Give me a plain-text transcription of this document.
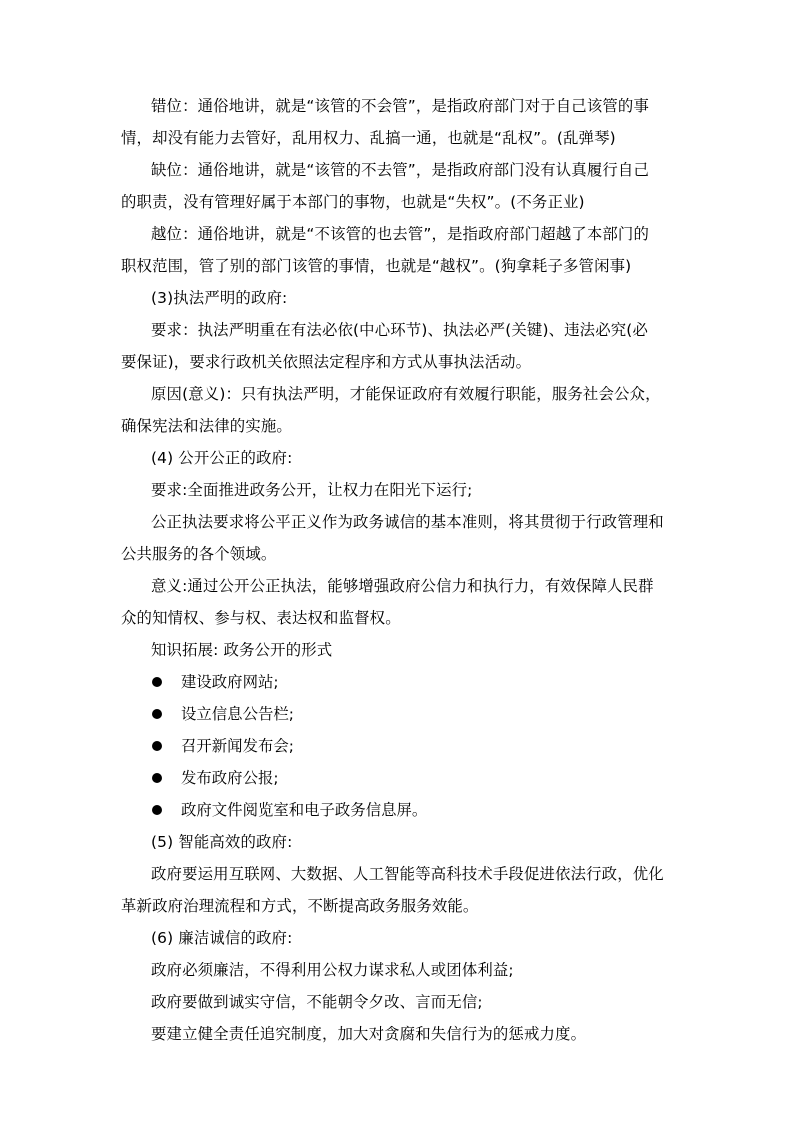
错位：通俗地讲，就是“该管的不会管”，是指政府部门对于自己该管的事
情，却没有能力去管好，乱用权力、乱搞一通，也就是“乱权”。(乱弹琴)
缺位：通俗地讲，就是“该管的不去管”，是指政府部门没有认真履行自己
的职责，没有管理好属于本部门的事物，也就是“失权”。(不务正业)
越位：通俗地讲，就是“不该管的也去管”，是指政府部门超越了本部门的
职权范围，管了别的部门该管的事情，也就是“越权”。(狗拿耗子多管闲事)
(3)执法严明的政府:
要求：执法严明重在有法必依(中心环节)、执法必严(关键)、违法必究(必
要保证)，要求行政机关依照法定程序和方式从事执法活动。
原因(意义)：只有执法严明，才能保证政府有效履行职能，服务社会公众，
确保宪法和法律的实施。
(4) 公开公正的政府:
要求:全面推进政务公开，让权力在阳光下运行;
公正执法要求将公平正义作为政务诚信的基本准则，将其贯彻于行政管理和
公共服务的各个领域。
意义:通过公开公正执法，能够增强政府公信力和执行力，有效保障人民群
众的知情权、参与权、表达权和监督权。
知识拓展: 政务公开的形式
建设政府网站;
设立信息公告栏;
召开新闻发布会;
发布政府公报;
政府文件阅览室和电子政务信息屏。
(5) 智能高效的政府:
政府要运用互联网、大数据、人工智能等高科技术手段促进依法行政，优化
革新政府治理流程和方式，不断提高政务服务效能。
(6) 廉洁诚信的政府:
政府必须廉洁，不得利用公权力谋求私人或团体利益;
政府要做到诚实守信，不能朝令夕改、言而无信;
要建立健全责任追究制度，加大对贪腐和失信行为的惩戒力度。
